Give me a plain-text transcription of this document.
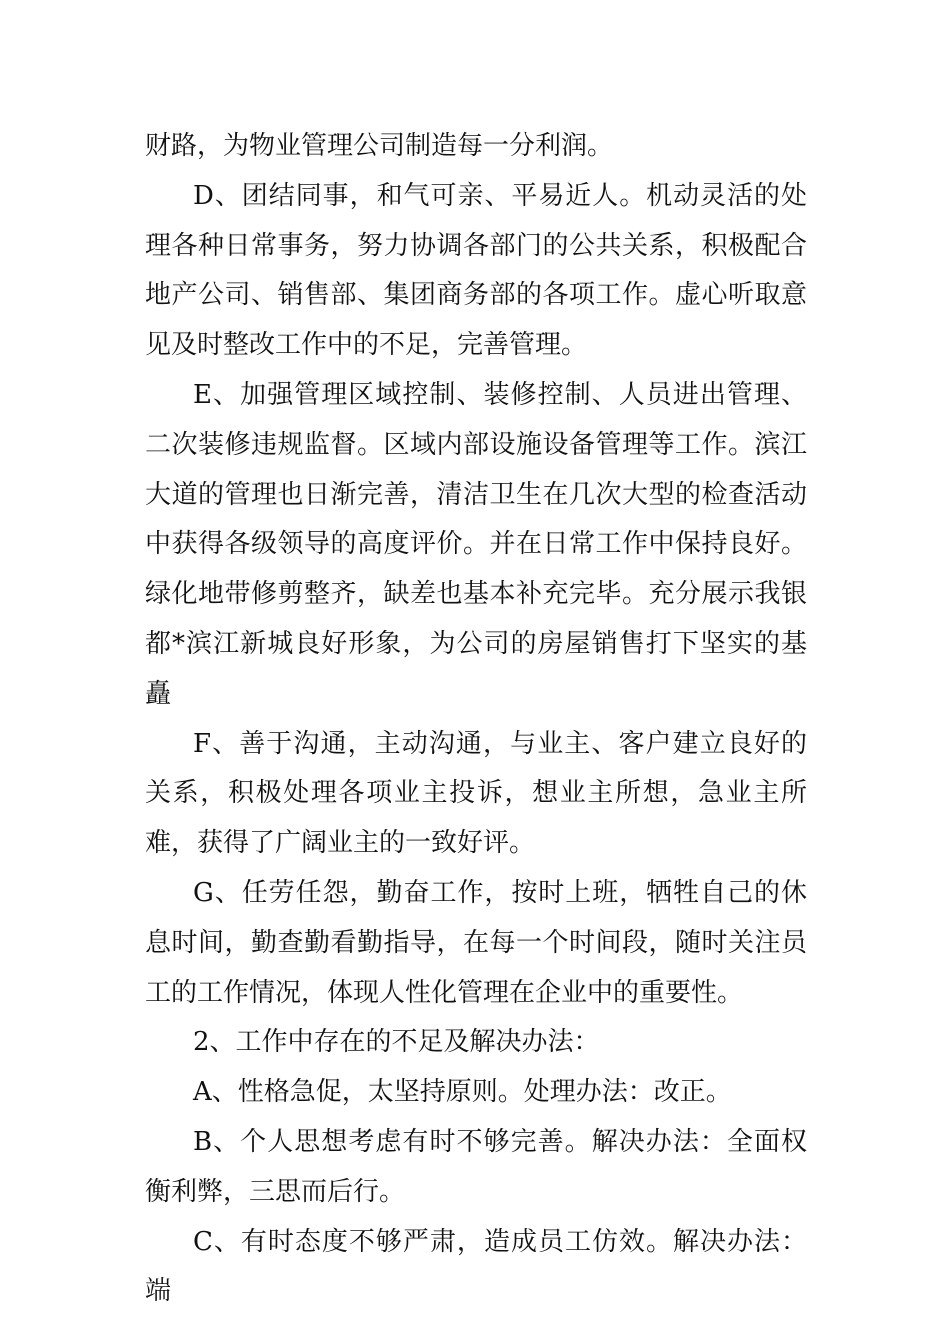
财路，为物业管理公司制造每一分利润。

D、团结同事，和气可亲、平易近人。机动灵活的处理各种日常事务，努力协调各部门的公共关系，积极配合地产公司、销售部、集团商务部的各项工作。虚心听取意见及时整改工作中的不足，完善管理。

E、加强管理区域控制、装修控制、人员进出管理、二次装修违规监督。区域内部设施设备管理等工作。滨江大道的管理也日渐完善，清洁卫生在几次大型的检查活动中获得各级领导的高度评价。并在日常工作中保持良好。绿化地带修剪整齐，缺差也基本补充完毕。充分展示我银都*滨江新城良好形象，为公司的房屋销售打下坚实的基矗

F、善于沟通，主动沟通，与业主、客户建立良好的关系，积极处理各项业主投诉，想业主所想，急业主所难，获得了广阔业主的一致好评。

G、任劳任怨，勤奋工作，按时上班，牺牲自己的休息时间，勤查勤看勤指导，在每一个时间段，随时关注员工的工作情况，体现人性化管理在企业中的重要性。

2、工作中存在的不足及解决办法：

A、性格急促，太坚持原则。处理办法：改正。

B、个人思想考虑有时不够完善。解决办法：全面权衡利弊，三思而后行。

C、有时态度不够严肃，造成员工仿效。解决办法：端
